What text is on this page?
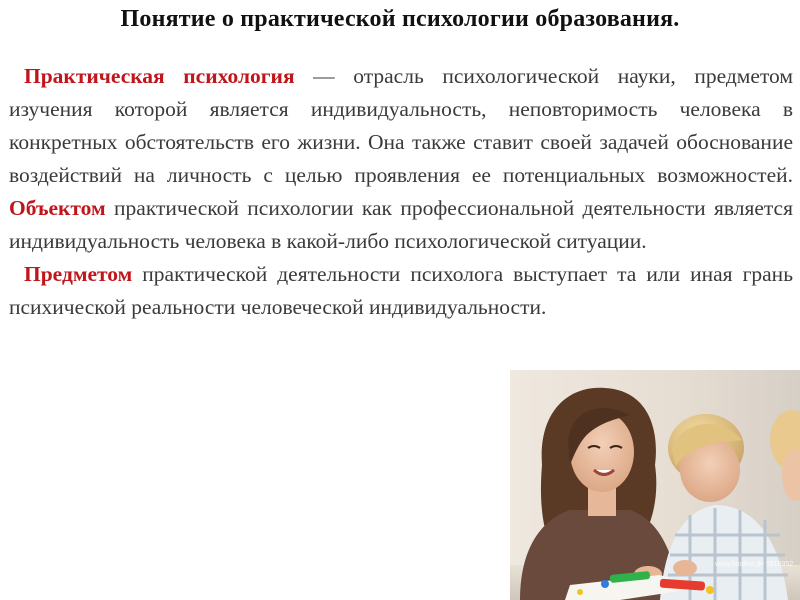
Понятие о практической психологии образования.

Практическая психология — отрасль психологической науки, предметом изучения которой является индивидуальность, неповторимость человека в конкретных обстоятельств его жизни. Она также ставит своей задачей обоснование воздействий на личность с целью проявления ее потенциальных возможностей. Объектом практической психологии как профессиональной деятельности является индивидуальность человека в какой-либо психологической ситуации.

Предметом практической деятельности психолога выступает та или иная грань психической реальности человеческой индивидуальности.

www.fotoline.de 5810352
